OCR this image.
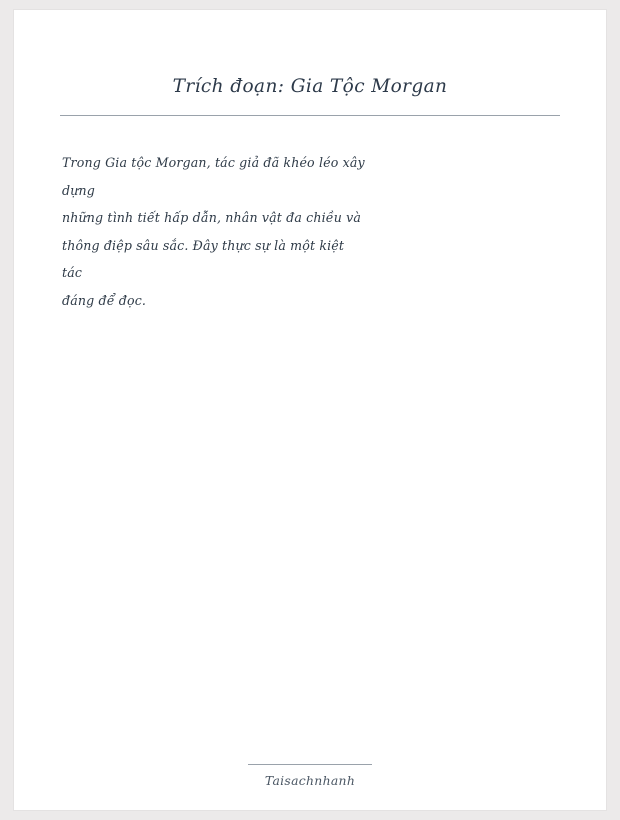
Trích đoạn: Gia Tộc Morgan
Trong Gia tộc Morgan, tác giả đã khéo léo xây
dựng
những tình tiết hấp dẫn, nhân vật đa chiều và
thông điệp sâu sắc. Đây thực sự là một kiệt
tác
đáng để đọc.
Taisachnhanh
